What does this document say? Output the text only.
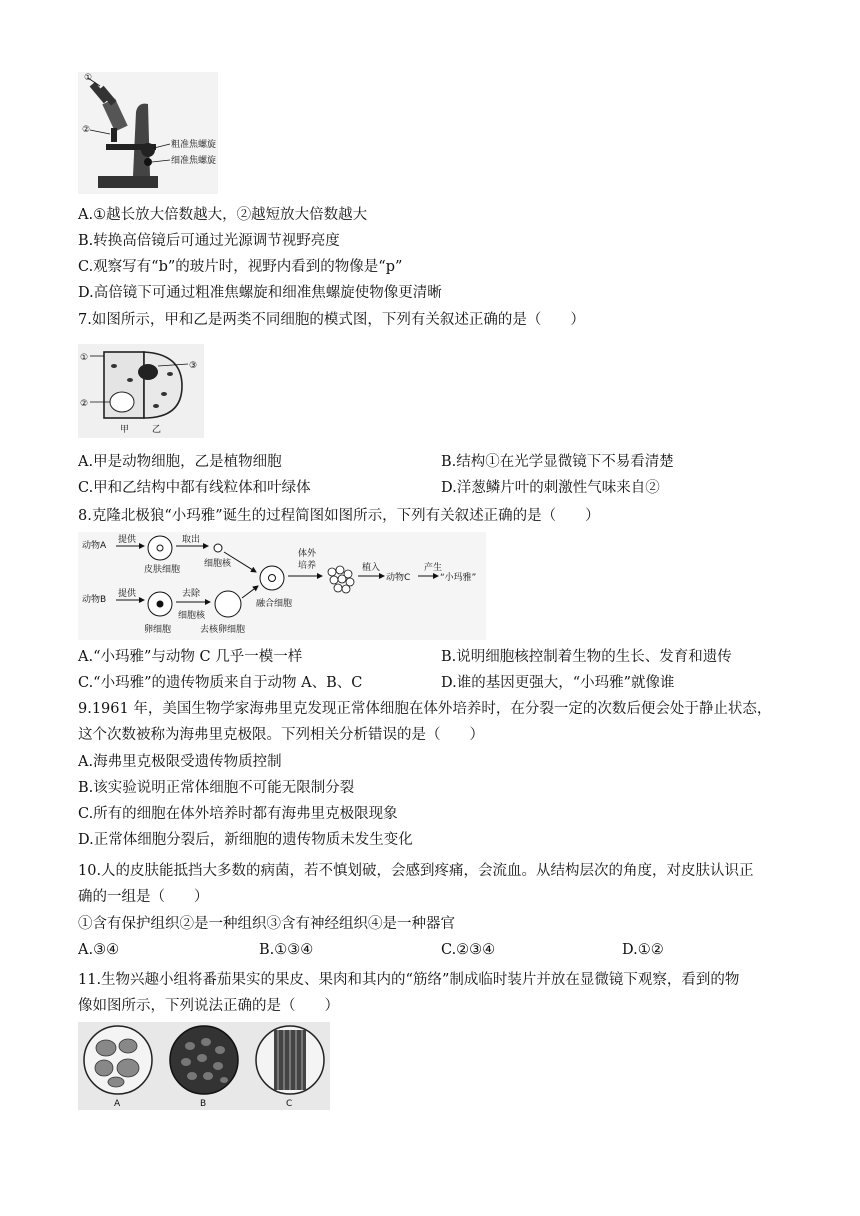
①
②
粗准焦螺旋
细准焦螺旋
A.①越长放大倍数越大，②越短放大倍数越大
B.转换高倍镜后可通过光源调节视野亮度
C.观察写有“b”的玻片时，视野内看到的物像是“p”
D.高倍镜下可通过粗准焦螺旋和细准焦螺旋使物像更清晰
7.如图所示，甲和乙是两类不同细胞的模式图，下列有关叙述正确的是（　　）
①
②
③
甲	乙
A.甲是动物细胞，乙是植物细胞	B.结构①在光学显微镜下不易看清楚
C.甲和乙结构中都有线粒体和叶绿体	D.洋葱鳞片叶的刺激性气味来自②
8.克隆北极狼“小玛雅”诞生的过程简图如图所示，下列有关叙述正确的是（　　）
动物A
提供
皮肤细胞
取出
细胞核
融合细胞
体外
培养	植入
动物C
产生
“小玛雅”
动物B
提供
卵细胞
去除
细胞核
去核卵细胞
A.“小玛雅”与动物 C 几乎一模一样	B.说明细胞核控制着生物的生长、发育和遗传
C.“小玛雅”的遗传物质来自于动物 A、B、C	D.谁的基因更强大，“小玛雅”就像谁
9.1961 年，美国生物学家海弗里克发现正常体细胞在体外培养时，在分裂一定的次数后便会处于静止状态，
这个次数被称为海弗里克极限。下列相关分析错误的是（　　）
A.海弗里克极限受遗传物质控制
B.该实验说明正常体细胞不可能无限制分裂
C.所有的细胞在体外培养时都有海弗里克极限现象
D.正常体细胞分裂后，新细胞的遗传物质未发生变化
10.人的皮肤能抵挡大多数的病菌，若不慎划破，会感到疼痛，会流血。从结构层次的角度，对皮肤认识正
确的一组是（　　）
①含有保护组织②是一种组织③含有神经组织④是一种器官
A.③④	B.①③④	C.②③④	D.①②
11.生物兴趣小组将番茄果实的果皮、果肉和其内的“筋络”制成临时装片并放在显微镜下观察，看到的物
像如图所示，下列说法正确的是（　　）
A	B	C
